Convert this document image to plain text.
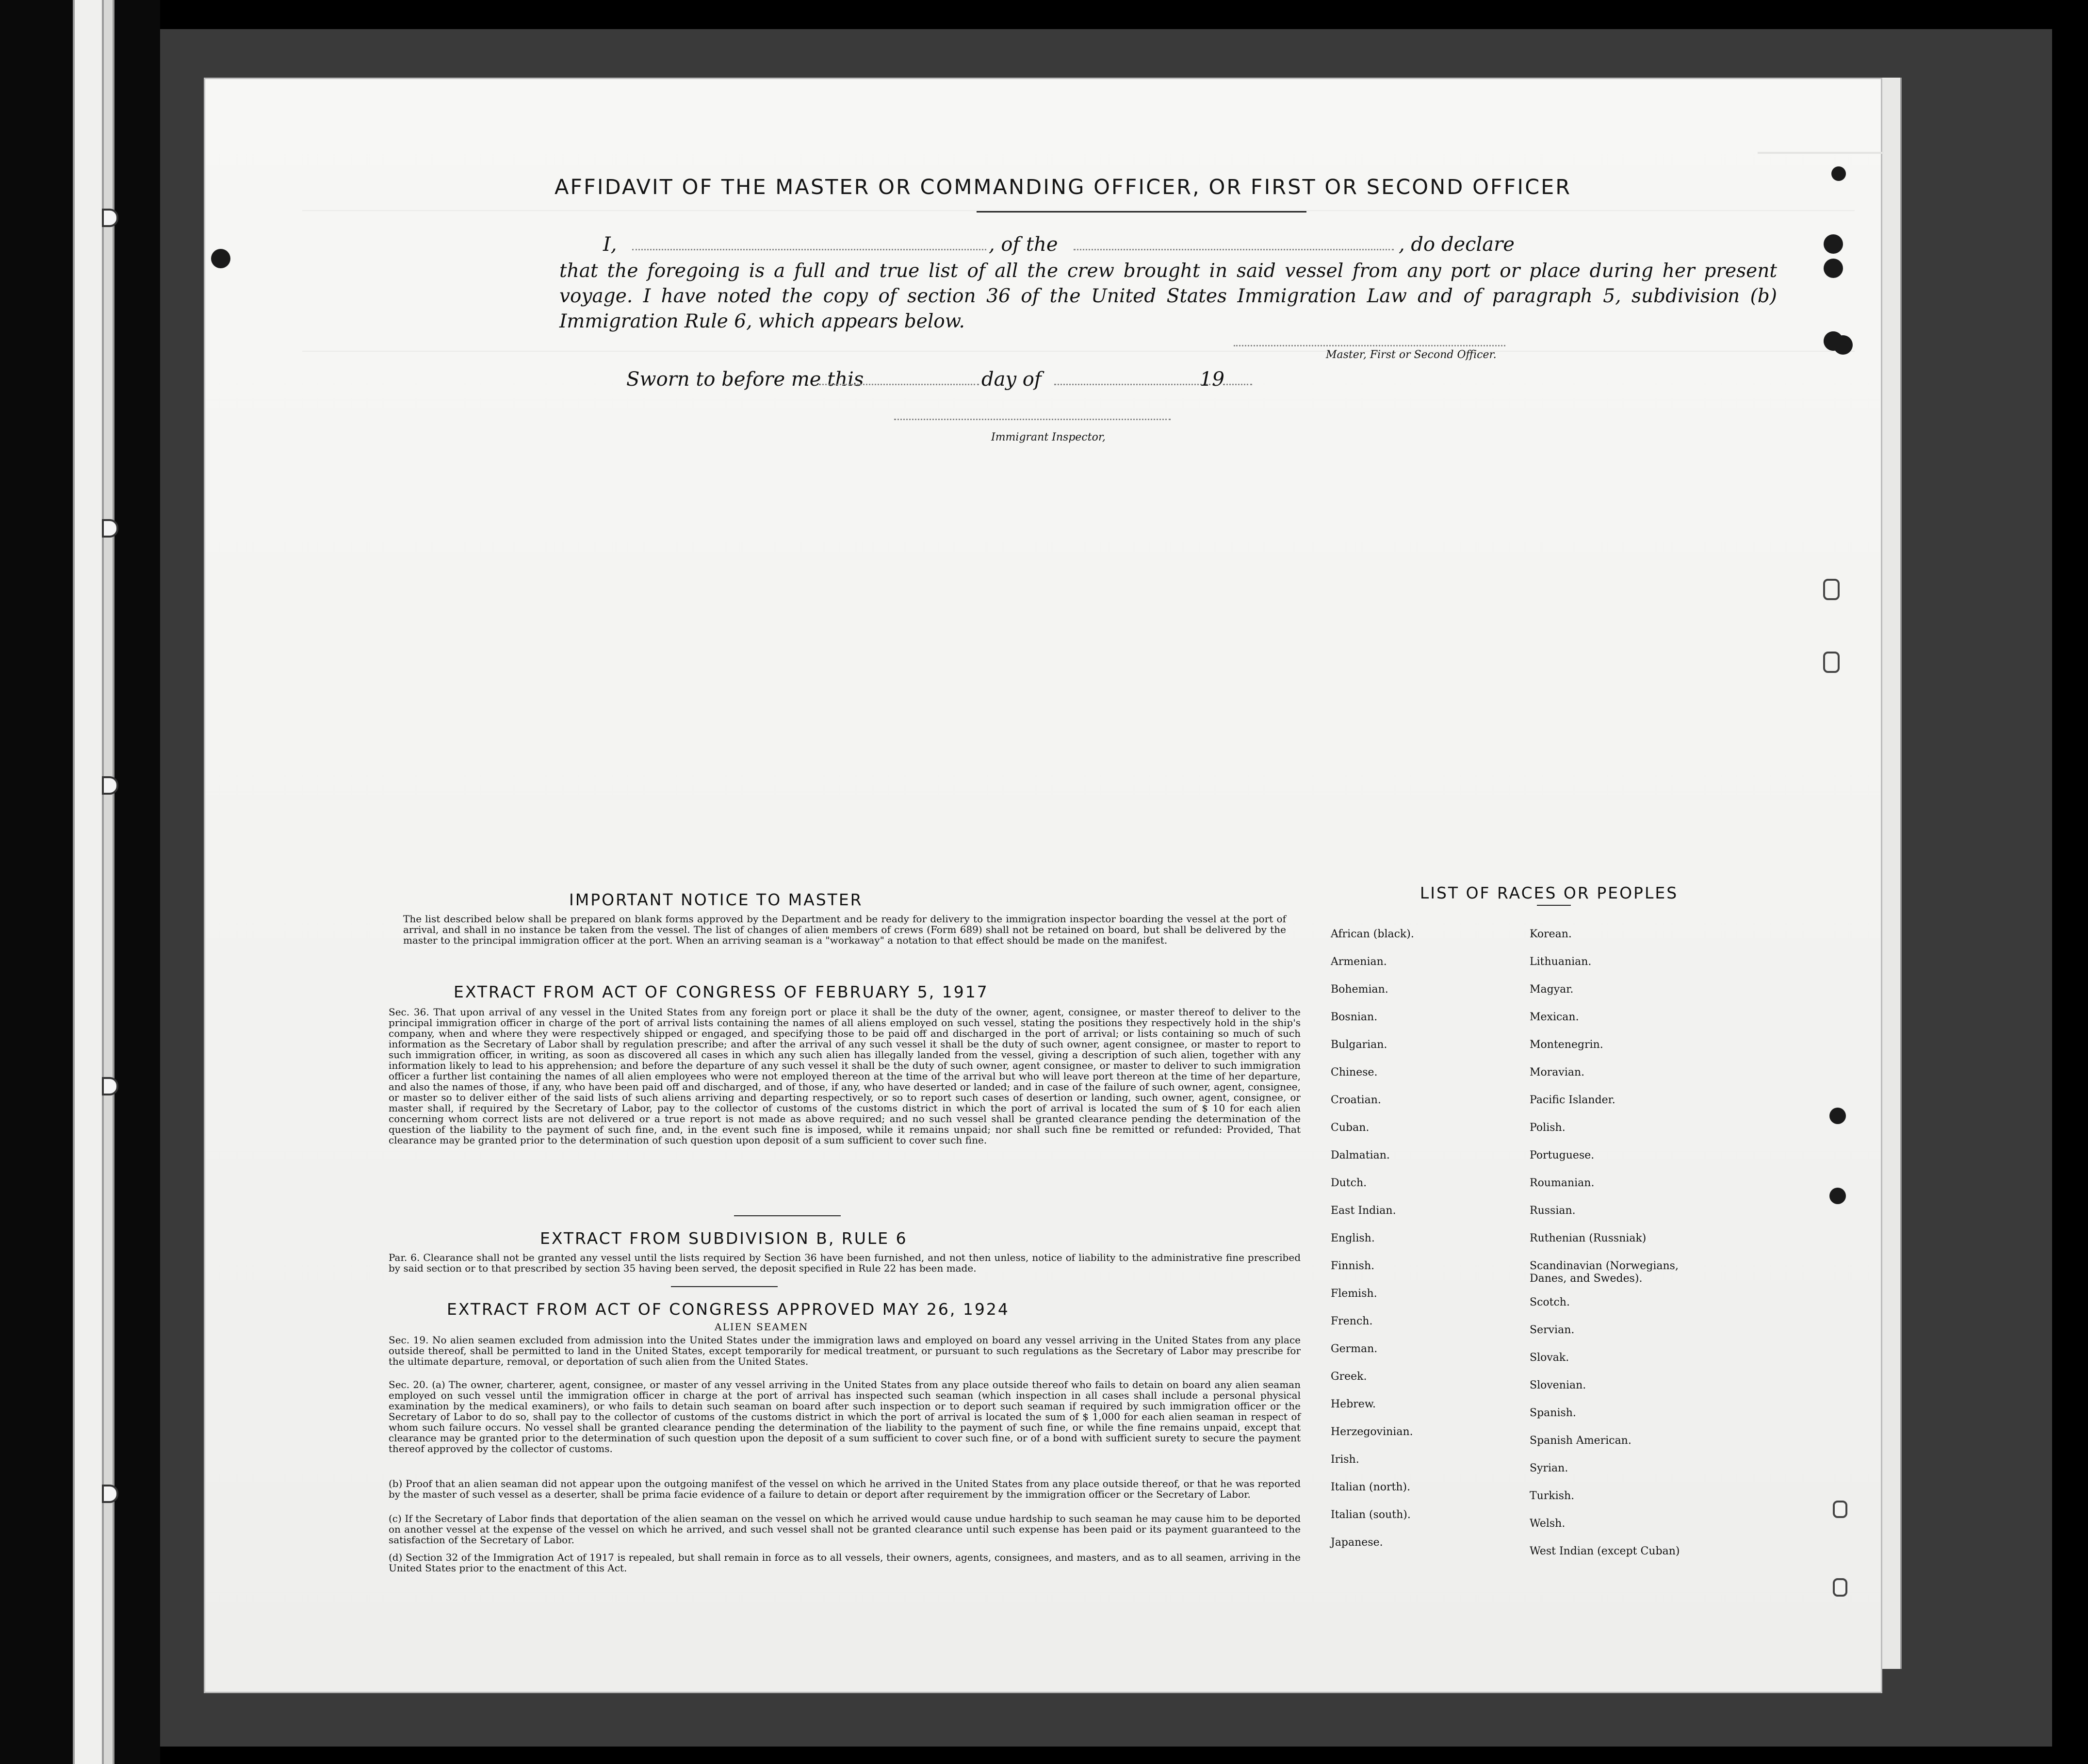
AFFIDAVIT OF THE MASTER OR COMMANDING OFFICER, OR FIRST OR SECOND OFFICER
I,	, of the	, do declare
that the foregoing is a full and true list of all the crew brought in said vessel from any port or place during her present voyage. I have noted the copy of section 36 of the United States Immigration Law and of paragraph 5, subdivision (b) Immigration Rule 6, which appears below.
Master, First or Second Officer.
Sworn to before me this	day of	19
Immigrant Inspector,
IMPORTANT NOTICE TO MASTER
The list described below shall be prepared on blank forms approved by the Department and be ready for delivery to the immigration inspector boarding the vessel at the port of arrival, and shall in no instance be taken from the vessel. The list of changes of alien members of crews (Form 689) shall not be retained on board, but shall be delivered by the master to the principal immigration officer at the port. When an arriving seaman is a "workaway" a notation to that effect should be made on the manifest.
EXTRACT FROM ACT OF CONGRESS OF FEBRUARY 5, 1917
Sec. 36. That upon arrival of any vessel in the United States from any foreign port or place it shall be the duty of the owner, agent, consignee, or master thereof to deliver to the principal immigration officer in charge of the port of arrival lists containing the names of all aliens employed on such vessel, stating the positions they respectively hold in the ship's company, when and where they were respectively shipped or engaged, and specifying those to be paid off and discharged in the port of arrival; or lists containing so much of such information as the Secretary of Labor shall by regulation prescribe; and after the arrival of any such vessel it shall be the duty of such owner, agent consignee, or master to report to such immigration officer, in writing, as soon as discovered all cases in which any such alien has illegally landed from the vessel, giving a description of such alien, together with any information likely to lead to his apprehension; and before the departure of any such vessel it shall be the duty of such owner, agent consignee, or master to deliver to such immigration officer a further list containing the names of all alien employees who were not employed thereon at the time of the arrival but who will leave port thereon at the time of her departure, and also the names of those, if any, who have been paid off and discharged, and of those, if any, who have deserted or landed; and in case of the failure of such owner, agent, consignee, or master so to deliver either of the said lists of such aliens arriving and departing respectively, or so to report such cases of desertion or landing, such owner, agent, consignee, or master shall, if required by the Secretary of Labor, pay to the collector of customs of the customs district in which the port of arrival is located the sum of $ 10 for each alien concerning whom correct lists are not delivered or a true report is not made as above required; and no such vessel shall be granted clearance pending the determination of the question of the liability to the payment of such fine, and, in the event such fine is imposed, while it remains unpaid; nor shall such fine be remitted or refunded: Provided, That clearance may be granted prior to the determination of such question upon deposit of a sum sufficient to cover such fine.
EXTRACT FROM SUBDIVISION B, RULE 6
Par. 6. Clearance shall not be granted any vessel until the lists required by Section 36 have been furnished, and not then unless, notice of liability to the administrative fine prescribed by said section or to that prescribed by section 35 having been served, the deposit specified in Rule 22 has been made.
EXTRACT FROM ACT OF CONGRESS APPROVED MAY 26, 1924
ALIEN SEAMEN
Sec. 19. No alien seamen excluded from admission into the United States under the immigration laws and employed on board any vessel arriving in the United States from any place outside thereof, shall be permitted to land in the United States, except temporarily for medical treatment, or pursuant to such regulations as the Secretary of Labor may prescribe for the ultimate departure, removal, or deportation of such alien from the United States.
Sec. 20. (a) The owner, charterer, agent, consignee, or master of any vessel arriving in the United States from any place outside thereof who fails to detain on board any alien seaman employed on such vessel until the immigration officer in charge at the port of arrival has inspected such seaman (which inspection in all cases shall include a personal physical examination by the medical examiners), or who fails to detain such seaman on board after such inspection or to deport such seaman if required by such immigration officer or the Secretary of Labor to do so, shall pay to the collector of customs of the customs district in which the port of arrival is located the sum of $ 1,000 for each alien seaman in respect of whom such failure occurs. No vessel shall be granted clearance pending the determination of the liability to the payment of such fine, or while the fine remains unpaid, except that clearance may be granted prior to the determination of such question upon the deposit of a sum sufficient to cover such fine, or of a bond with sufficient surety to secure the payment thereof approved by the collector of customs.
(b) Proof that an alien seaman did not appear upon the outgoing manifest of the vessel on which he arrived in the United States from any place outside thereof, or that he was reported by the master of such vessel as a deserter, shall be prima facie evidence of a failure to detain or deport after requirement by the immigration officer or the Secretary of Labor.
(c) If the Secretary of Labor finds that deportation of the alien seaman on the vessel on which he arrived would cause undue hardship to such seaman he may cause him to be deported on another vessel at the expense of the vessel on which he arrived, and such vessel shall not be granted clearance until such expense has been paid or its payment guaranteed to the satisfaction of the Secretary of Labor.
(d) Section 32 of the Immigration Act of 1917 is repealed, but shall remain in force as to all vessels, their owners, agents, consignees, and masters, and as to all seamen, arriving in the United States prior to the enactment of this Act.
LIST OF RACES OR PEOPLES
African (black).
Armenian.
Bohemian.
Bosnian.
Bulgarian.
Chinese.
Croatian.
Cuban.
Dalmatian.
Dutch.
East Indian.
English.
Finnish.
Flemish.
French.
German.
Greek.
Hebrew.
Herzegovinian.
Irish.
Italian (north).
Italian (south).
Japanese.
Korean.
Lithuanian.
Magyar.
Mexican.
Montenegrin.
Moravian.
Pacific Islander.
Polish.
Portuguese.
Roumanian.
Russian.
Ruthenian (Russniak)
Scandinavian (Norwegians, Danes, and Swedes).
Scotch.
Servian.
Slovak.
Slovenian.
Spanish.
Spanish American.
Syrian.
Turkish.
Welsh.
West Indian (except Cuban)
